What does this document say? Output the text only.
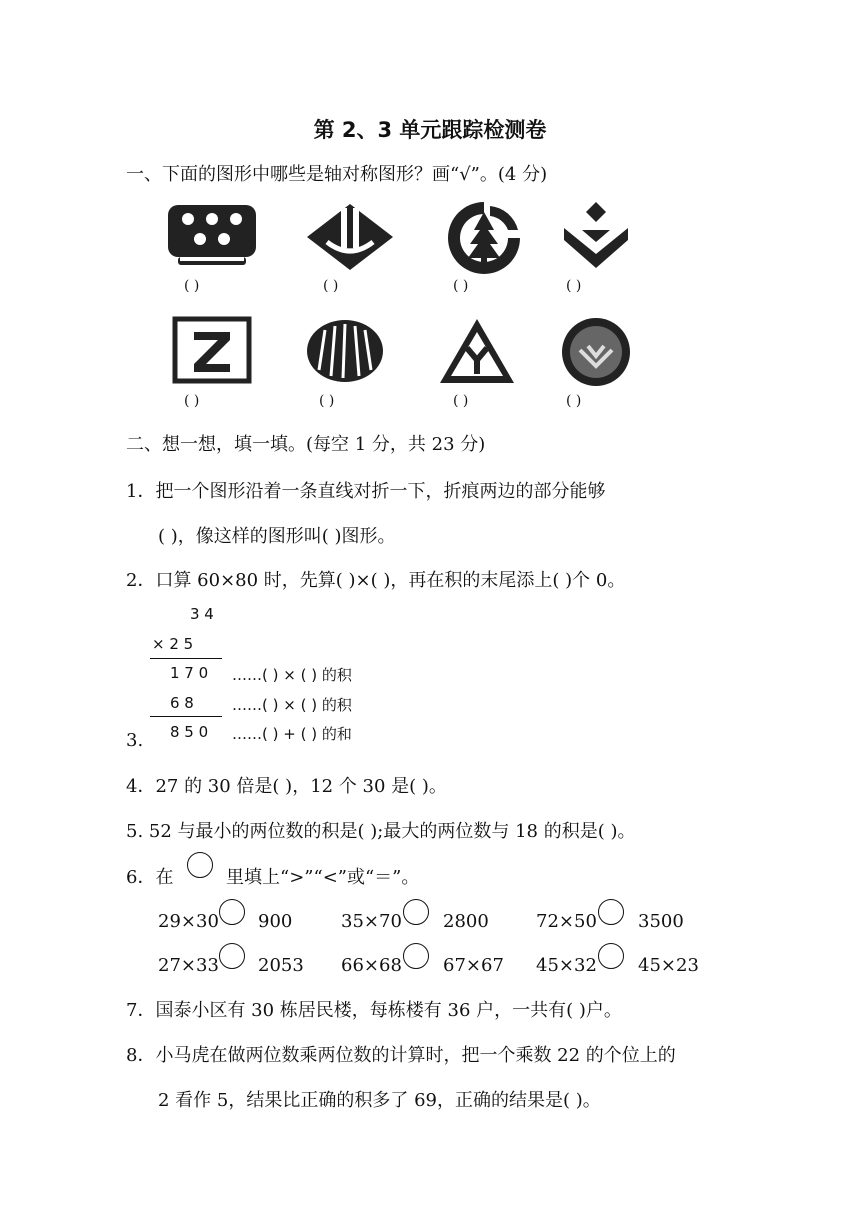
第 2、3 单元跟踪检测卷
一、下面的图形中哪些是轴对称图形？画“√”。(4 分)
( )	( )	( )	( )
( )	( )	( )	( )
二、想一想，填一填。(每空 1 分，共 23 分)
1．把一个图形沿着一条直线对折一下，折痕两边的部分能够
( )，像这样的图形叫( )图形。
2．口算 60×80 时，先算( )×( )，再在积的末尾添上( )个 0。
3 4
× 2 5
1 7 0 ……( ) × ( ) 的积
6 8	……( ) × ( ) 的积
8 5 0 ……( ) + ( ) 的和
3.
4．27 的 30 倍是( )，12 个 30 是( )。
5. 52 与最小的两位数的积是( );最大的两位数与 18 的积是( )。
6．在	里填上“>”“<”或“＝”。
29×30 900	35×70 2800	72×50 3500
27×33 2053 66×68 67×67 45×32 45×23
7．国泰小区有 30 栋居民楼，每栋楼有 36 户，一共有( )户。
8．小马虎在做两位数乘两位数的计算时，把一个乘数 22 的个位上的
2 看作 5，结果比正确的积多了 69，正确的结果是( )。
